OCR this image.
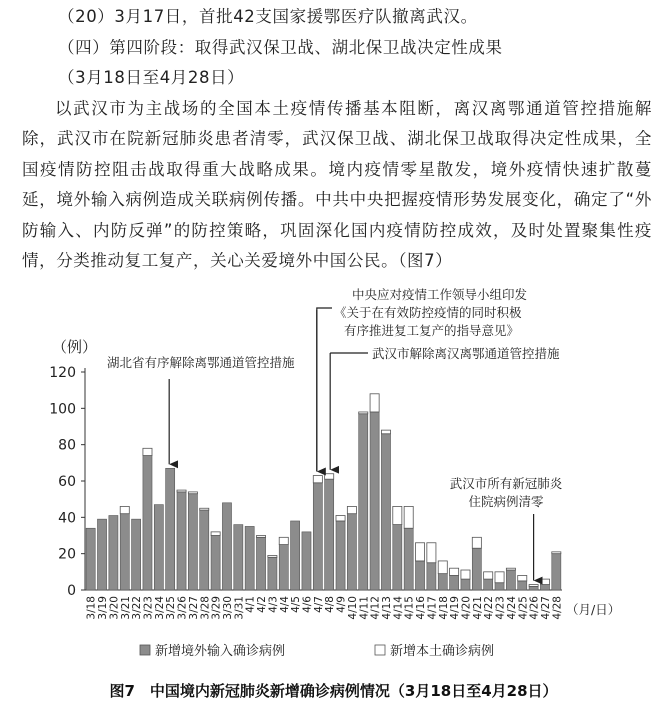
（20）3月17日，首批42支国家援鄂医疗队撤离武汉。
（四）第四阶段：取得武汉保卫战、湖北保卫战决定性成果
（3月18日至4月28日）
以武汉市为主战场的全国本土疫情传播基本阻断，离汉离鄂通道管控措施解除，武汉市在院新冠肺炎患者清零，武汉保卫战、湖北保卫战取得决定性成果，全国疫情防控阻击战取得重大战略成果。境内疫情零星散发，境外疫情快速扩散蔓延，境外输入病例造成关联病例传播。中共中央把握疫情形势发展变化，确定了“外防输入、内防反弹”的防控策略，巩固深化国内疫情防控成效，及时处置聚集性疫情，分类推动复工复产，关心关爱境外中国公民。（图7）
（例）
0
20
40
60
80
100
120
3/18 3/19 3/20 3/21 3/22 3/23 3/24 3/25 3/26 3/27 3/28 3/29 3/30 3/31 4/1 4/2 4/3 4/4 4/5 4/6 4/7 4/8 4/9 4/10 4/11 4/12 4/13 4/14 4/15 4/16 4/17 4/18 4/19 4/20 4/21 4/22 4/23 4/24 4/25 4/26 4/27 4/28 （月/日）
湖北省有序解除离鄂通道管控措施
中央应对疫情工作领导小组印发
《关于在有效防控疫情的同时积极
有序推进复工复产的指导意见》
武汉市解除离汉离鄂通道管控措施
武汉市所有新冠肺炎
住院病例清零
新增境外输入确诊病例	新增本土确诊病例
图7　中国境内新冠肺炎新增确诊病例情况（3月18日至4月28日）
